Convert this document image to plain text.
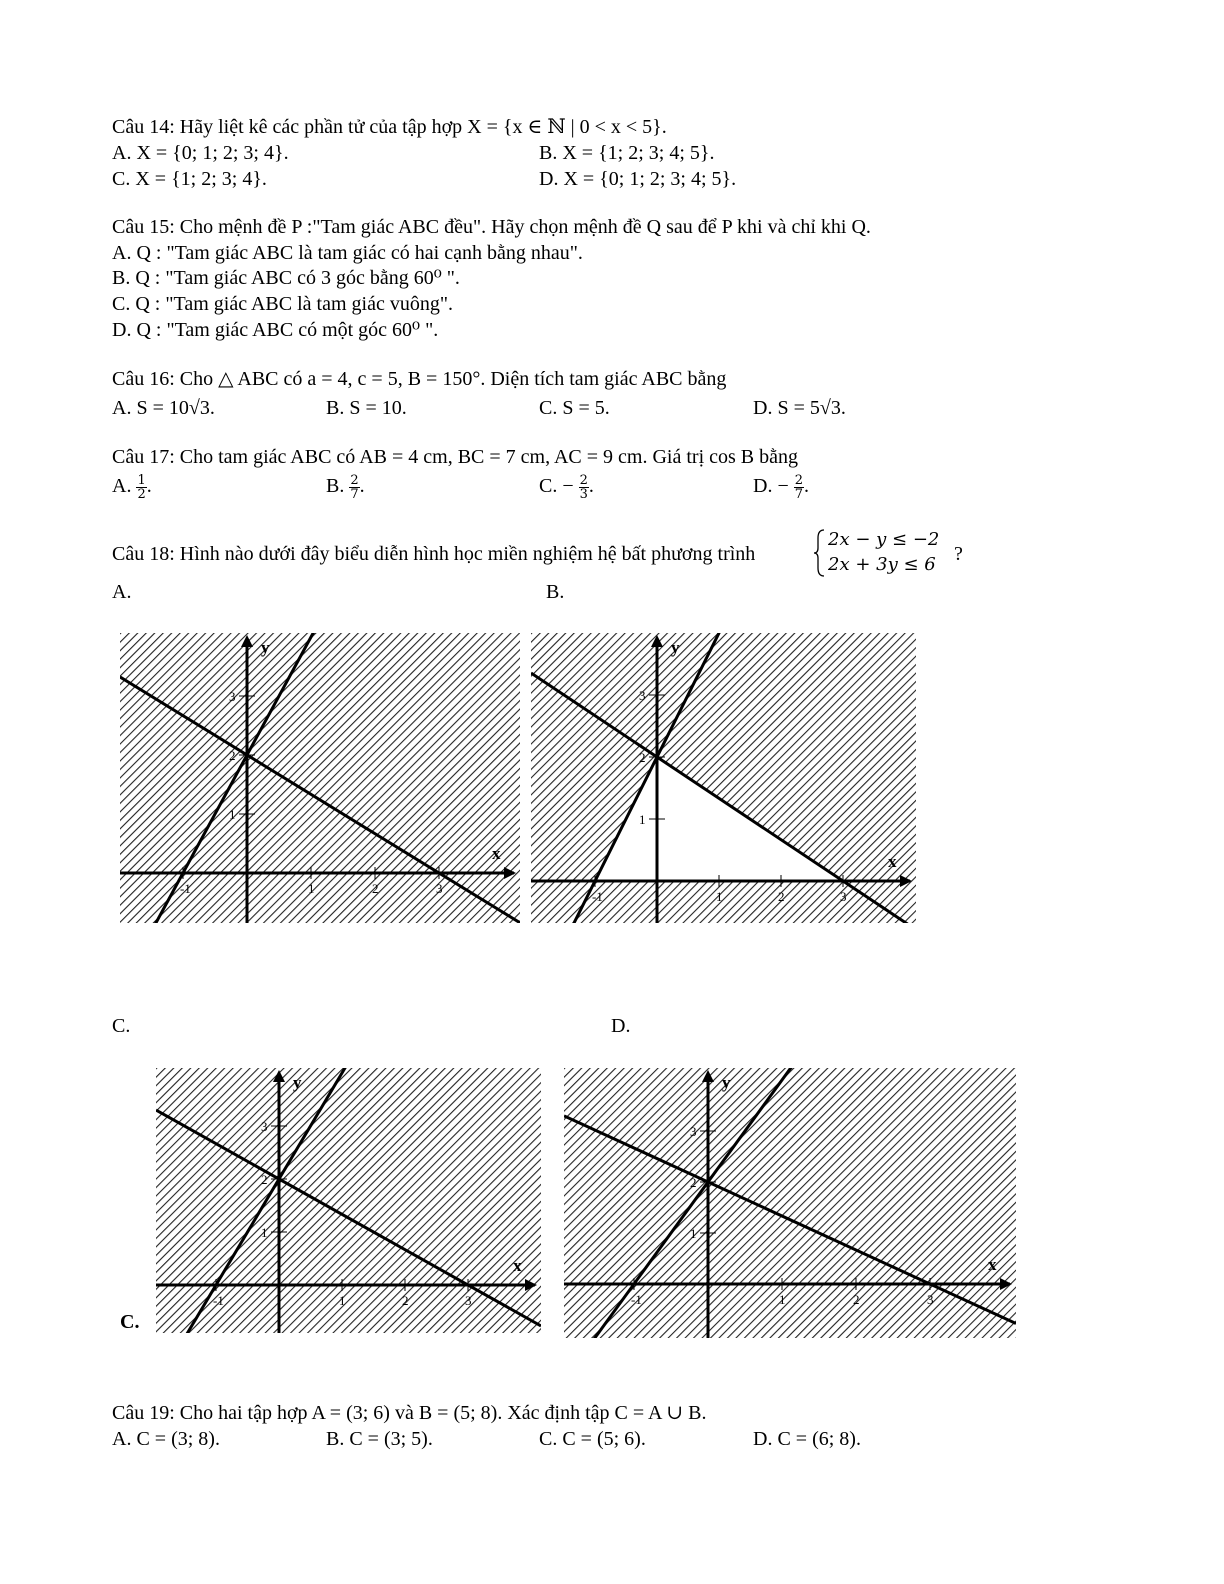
Câu 14: Hãy liệt kê các phần tử của tập hợp X = {x ∈ ℕ | 0 < x < 5}.
A. X = {0; 1; 2; 3; 4}.	B. X = {1; 2; 3; 4; 5}.
C. X = {1; 2; 3; 4}.	D. X = {0; 1; 2; 3; 4; 5}.
Câu 15: Cho mệnh đề P :"Tam giác ABC đều". Hãy chọn mệnh đề Q sau để P khi và chỉ khi Q.
A. Q : "Tam giác ABC là tam giác có hai cạnh bằng nhau".
B. Q : "Tam giác ABC có 3 góc bằng 60⁰ ".
C. Q : "Tam giác ABC là tam giác vuông".
D. Q : "Tam giác ABC có một góc 60⁰ ".
Câu 16: Cho △ ABC có a = 4, c = 5, B = 150°. Diện tích tam giác ABC bằng
A. S = 10√3.	B. S = 10.	C. S = 5.	D. S = 5√3.
Câu 17: Cho tam giác ABC có AB = 4 cm, BC = 7 cm, AC = 9 cm. Giá trị cos B bằng
A. $\frac{1}{2}$ .	B. $\frac{2}{7}$ .	C. − $\frac{2}{3}$ .	D. − $\frac{2}{7}$ .
Câu 18: Hình nào dưới đây biểu diễn hình học miền nghiệm hệ bất phương trình
2x − y ≤ −2
2x + 3y ≤ 6 ?
A.	B.
C.	D.
C.
-1	1	2	3
1
2
3
x
y
-1	1	2	3
1
2
3
x
y
-1	1	2	3
1
2
3
x
y
-1	1	2	3
1
2
3
x
y
Câu 19: Cho hai tập hợp A = (3; 6) và B = (5; 8). Xác định tập C = A ∪ B.
A. C = (3; 8).	B. C = (3; 5).	C. C = (5; 6).	D. C = (6; 8).
